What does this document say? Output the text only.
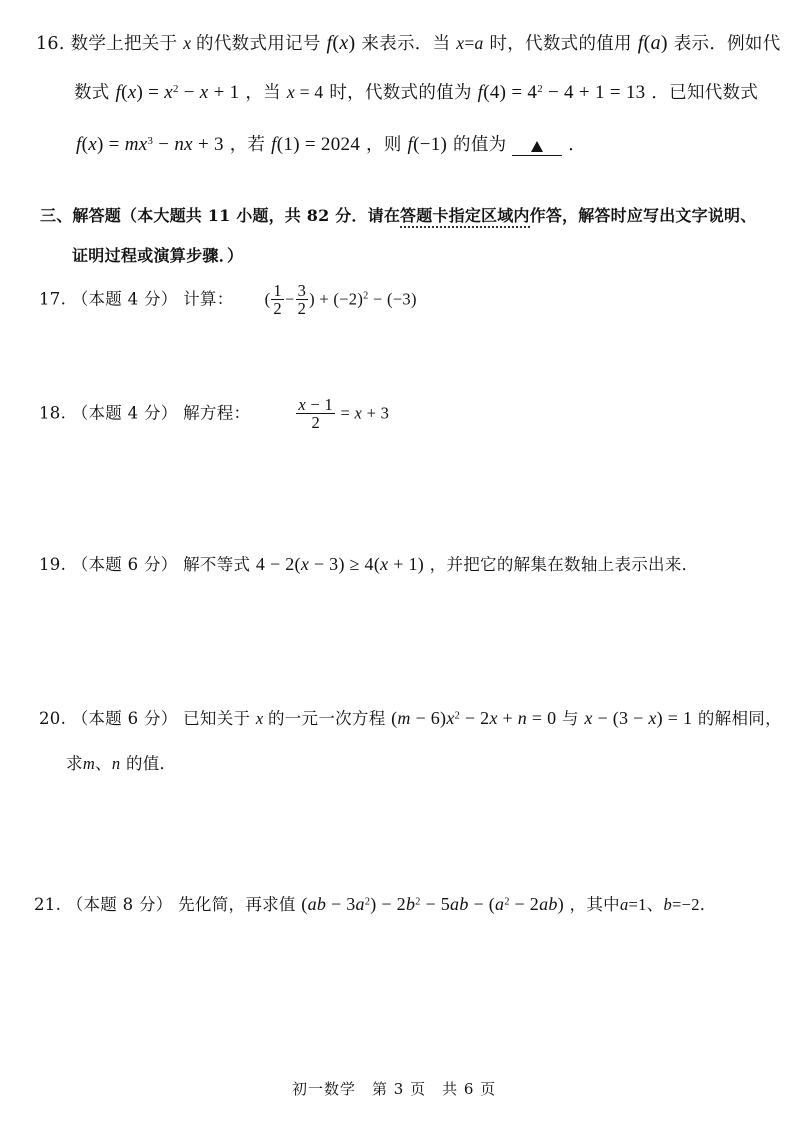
16. 数学上把关于 x 的代数式用记号 f(x) 来表示．当 x=a 时，代数式的值用 f(a) 表示．例如代
数式 $f(x) = x^2 - x + 1$ ，当 x = 4 时，代数式的值为 $f(4) = 4^2 - 4 + 1 = 13$ ．已知代数式
$f(x) = mx^3$ − nx + 3 ，若 f(1) = 2024 ，则 f(−1) 的值为	．
三、解答题（本大题共 11 小题，共 82 分．请在答题卡指定区域内作答，解答时应写出文字说明、
证明过程或演算步骤．）
17. （本题 4 分） 计算： ( $\frac{1}{2} - \frac{3}{2}$ ) + $(-2)^2 - (-3)$
18. （本题 4 分） 解方程：	$\frac{x - 1}{2} = x + 3$
19. （本题 6 分） 解不等式 4 − 2(x − 3) ≥ 4(x + 1) ，并把它的解集在数轴上表示出来．
20. （本题 6 分） 已知关于 x 的一元一次方程 $(m - 6)x^2 - 2x + n = 0$ 与 x − (3 − x) = 1 的解相同，
求m、n 的值．
21. （本题 8 分） 先化简，再求值 $(ab - 3a^2) - 2b^2 - 5ab - (a^2 - 2ab)$ ，其中a=1、b=−2．
初一数学　第 3 页　共 6 页
